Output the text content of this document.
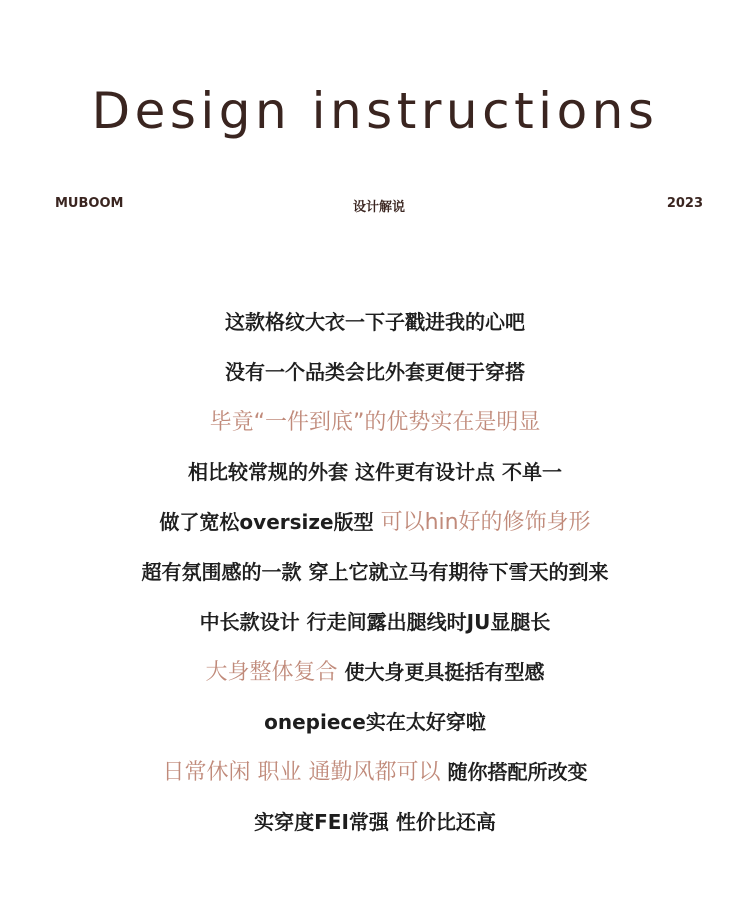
Design instructions
MUBOOM	设计解说	2023
这款格纹大衣一下子戳进我的心吧
没有一个品类会比外套更便于穿搭
毕竟“一件到底”的优势实在是明显
相比较常规的外套 这件更有设计点 不单一
做了宽松oversize版型 可以hin好的修饰身形
超有氛围感的一款 穿上它就立马有期待下雪天的到来
中长款设计 行走间露出腿线时JU显腿长
大身整体复合 使大身更具挺括有型感
onepiece实在太好穿啦
日常休闲 职业 通勤风都可以 随你搭配所改变
实穿度FEI常强 性价比还高
